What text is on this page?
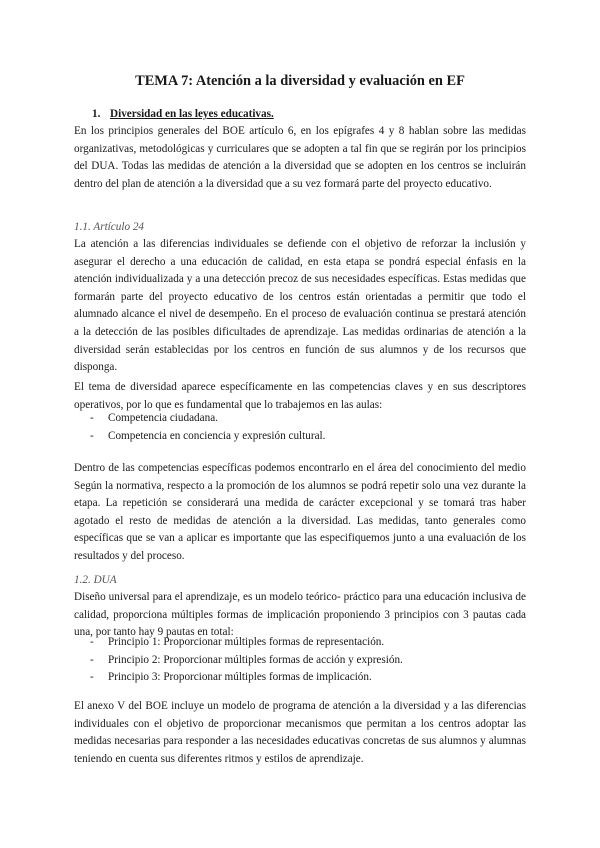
TEMA 7: Atención a la diversidad y evaluación en EF
1. Diversidad en las leyes educativas.

En los principios generales del BOE artículo 6, en los epígrafes 4 y 8 hablan sobre las medidas organizativas, metodológicas y curriculares que se adopten a tal fin que se regirán por los principios del DUA. Todas las medidas de atención a la diversidad que se adopten en los centros se incluirán dentro del plan de atención a la diversidad que a su vez formará parte del proyecto educativo.

1.1. Artículo 24

La atención a las diferencias individuales se defiende con el objetivo de reforzar la inclusión y asegurar el derecho a una educación de calidad, en esta etapa se pondrá especial énfasis en la atención individualizada y a una detección precoz de sus necesidades específicas. Estas medidas que formarán parte del proyecto educativo de los centros están orientadas a permitir que todo el alumnado alcance el nivel de desempeño. En el proceso de evaluación continua se prestará atención a la detección de las posibles dificultades de aprendizaje. Las medidas ordinarias de atención a la diversidad serán establecidas por los centros en función de sus alumnos y de los recursos que disponga.

El tema de diversidad aparece específicamente en las competencias claves y en sus descriptores operativos, por lo que es fundamental que lo trabajemos en las aulas:

- Competencia ciudadana.
- Competencia en conciencia y expresión cultural.

Dentro de las competencias específicas podemos encontrarlo en el área del conocimiento del medio Según la normativa, respecto a la promoción de los alumnos se podrá repetir solo una vez durante la etapa. La repetición se considerará una medida de carácter excepcional y se tomará tras haber agotado el resto de medidas de atención a la diversidad. Las medidas, tanto generales como específicas que se van a aplicar es importante que las especifiquemos junto a una evaluación de los resultados y del proceso.

1.2. DUA

Diseño universal para el aprendizaje, es un modelo teórico- práctico para una educación inclusiva de calidad, proporciona múltiples formas de implicación proponiendo 3 principios con 3 pautas cada una, por tanto hay 9 pautas en total:

- Principio 1: Proporcionar múltiples formas de representación.
- Principio 2: Proporcionar múltiples formas de acción y expresión.
- Principio 3: Proporcionar múltiples formas de implicación.

El anexo V del BOE incluye un modelo de programa de atención a la diversidad y a las diferencias individuales con el objetivo de proporcionar mecanismos que permitan a los centros adoptar las medidas necesarias para responder a las necesidades educativas concretas de sus alumnos y alumnas teniendo en cuenta sus diferentes ritmos y estilos de aprendizaje.
